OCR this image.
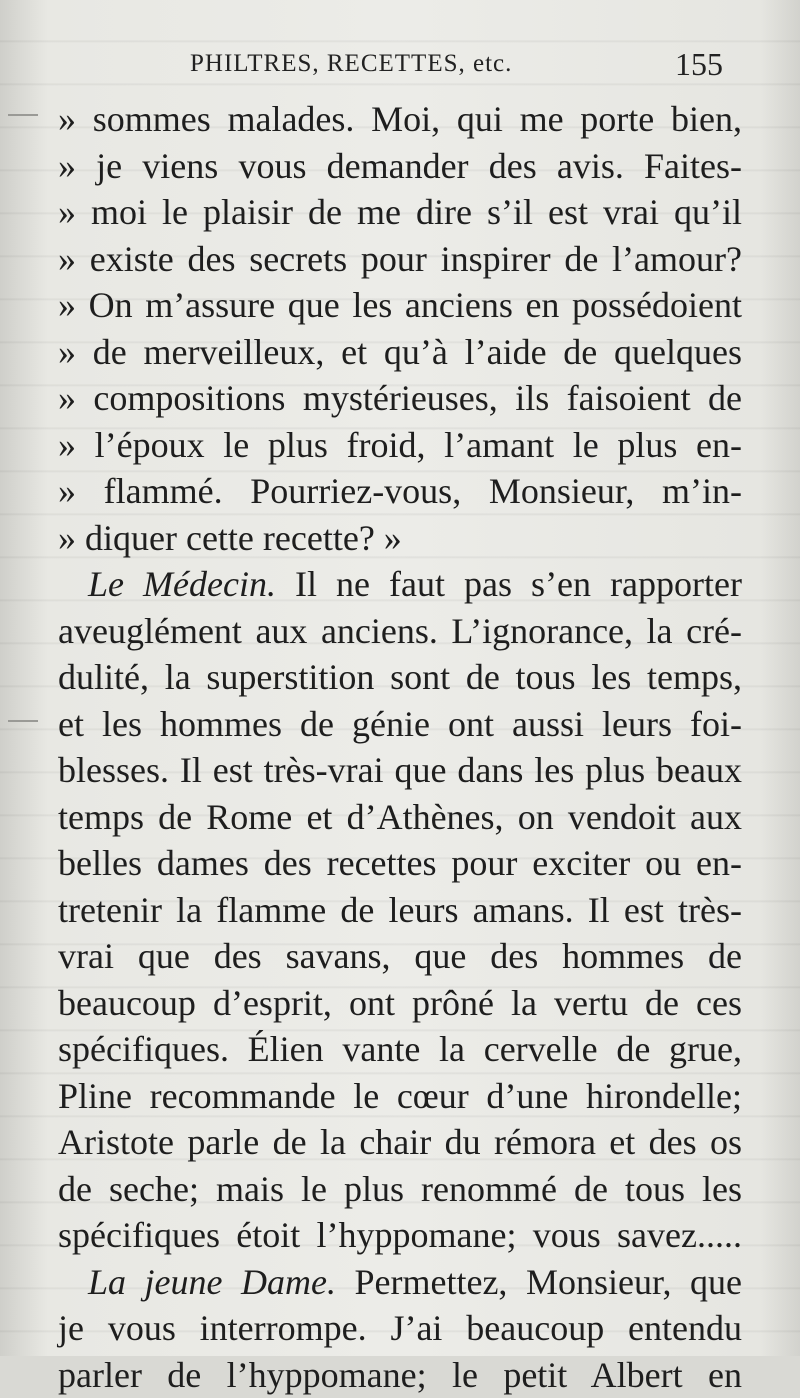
PHILTRES, RECETTES, etc.	155
» sommes malades. Moi, qui me porte bien,
» je viens vous demander des avis. Faites-
» moi le plaisir de me dire s’il est vrai qu’il
» existe des secrets pour inspirer de l’amour?
» On m’assure que les anciens en possédoient
» de merveilleux, et qu’à l’aide de quelques
» compositions mystérieuses, ils faisoient de
» l’époux le plus froid, l’amant le plus en-
» flammé. Pourriez-vous, Monsieur, m’in-
» diquer cette recette? »
Le Médecin. Il ne faut pas s’en rapporter
aveuglément aux anciens. L’ignorance, la cré-
dulité, la superstition sont de tous les temps,
et les hommes de génie ont aussi leurs foi-
blesses. Il est très-vrai que dans les plus beaux
temps de Rome et d’Athènes, on vendoit aux
belles dames des recettes pour exciter ou en-
tretenir la flamme de leurs amans. Il est très-
vrai que des savans, que des hommes de
beaucoup d’esprit, ont prôné la vertu de ces
spécifiques. Élien vante la cervelle de grue,
Pline recommande le cœur d’une hirondelle;
Aristote parle de la chair du rémora et des os
de seche; mais le plus renommé de tous les
spécifiques étoit l’hyppomane; vous savez.....
La jeune Dame. Permettez, Monsieur, que
je vous interrompe. J’ai beaucoup entendu
parler de l’hyppomane; le petit Albert en
